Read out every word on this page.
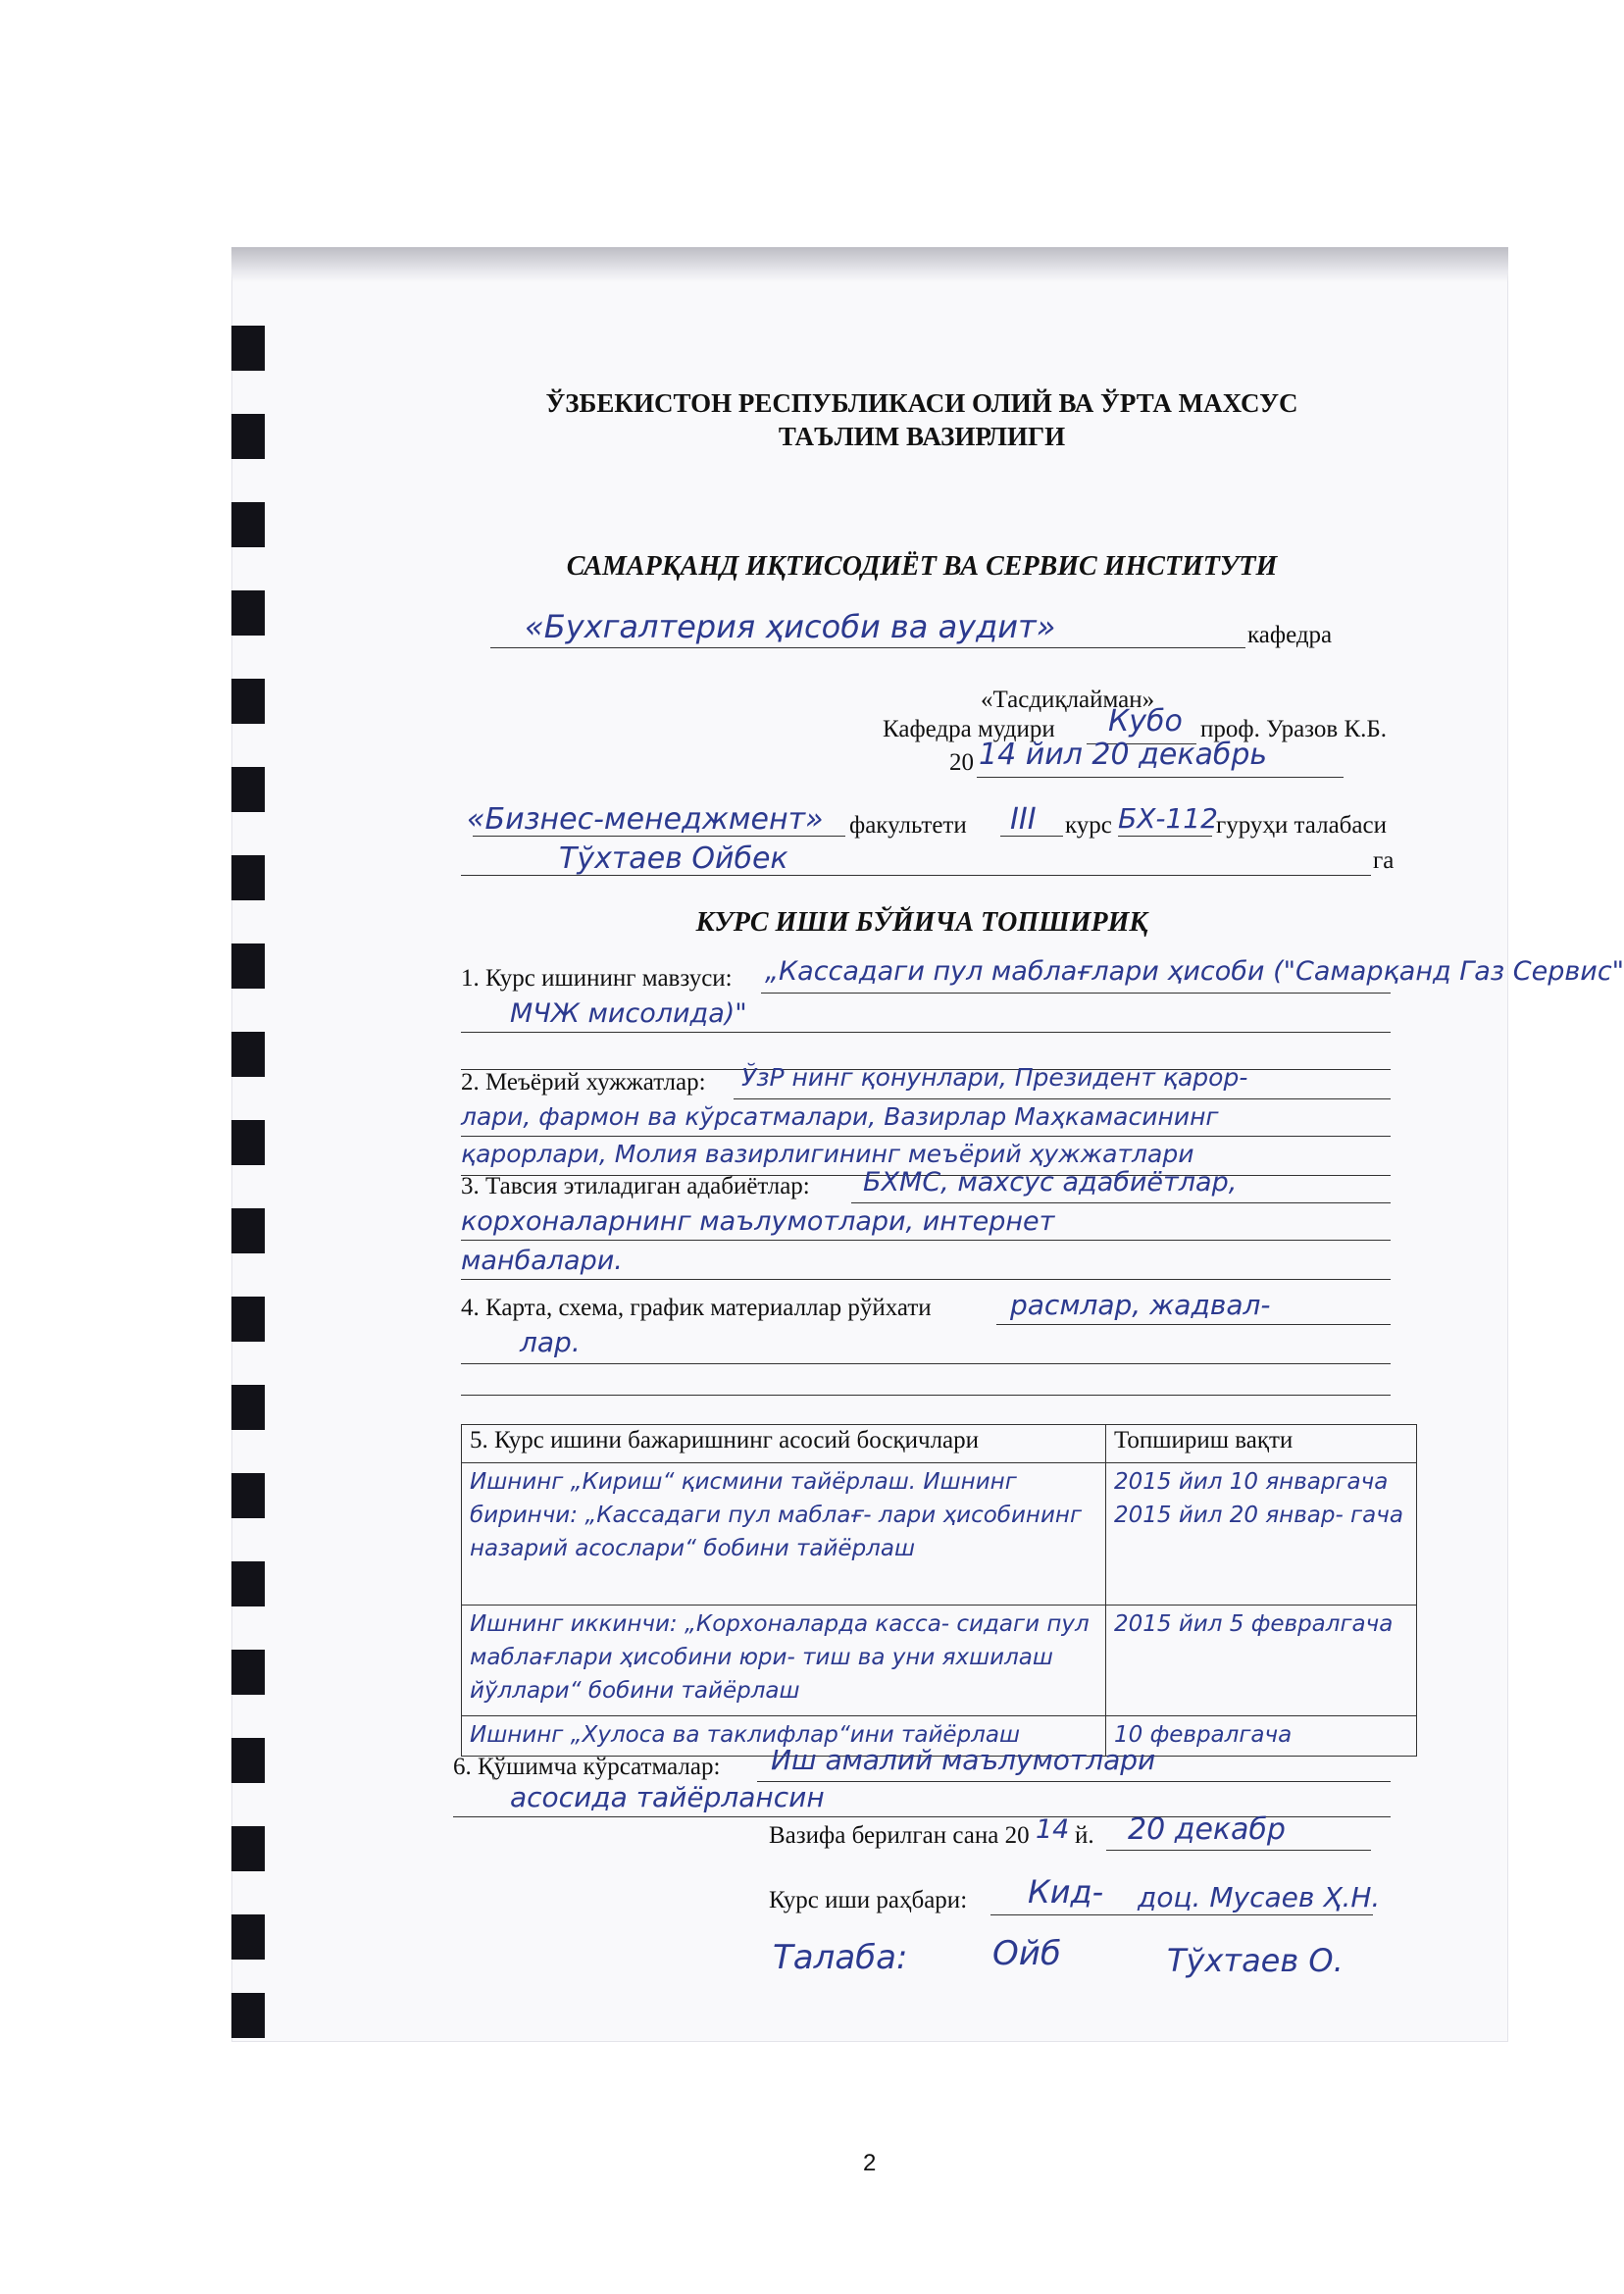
ЎЗБЕКИСТОН РЕСПУБЛИКАСИ ОЛИЙ ВА ЎРТА МАХСУС
ТАЪЛИМ ВАЗИРЛИГИ
САМАРҚАНД ИҚТИСОДИЁТ ВА СЕРВИС ИНСТИТУТИ
«Бухгалтерия ҳисоби ва аудит»	кафедра
«Тасдиқлайман»
Кафедра мудири Кубо проф. Уразов К.Б.
20 14 йил 20 декабрь
«Бизнес-менеджмент» факультети III курс БХ-112
гуруҳи талабаси
Тўхтаев Ойбек	га
КУРС ИШИ БЎЙИЧА ТОПШИРИҚ
1. Курс ишининг мавзуси: „Кассадаги пул маблағлари ҳисоби ("Самарқанд Газ Сервис"
МЧЖ мисолида)"
2. Меъёрий хужжатлар: ЎзР нинг қонунлари, Президент қарор-
лари, фармон ва кўрсатмалари, Вазирлар Маҳкамасининг
қарорлари, Молия вазирлигининг меъёрий ҳужжатлари
3. Тавсия этиладиган адабиётлар: БХМС, махсус адабиётлар,
корхоналарнинг маълумотлари, интернет
манбалари.
4. Карта, схема, график материаллар рўйхати	расмлар, жадвал-
лар.
5. Курс ишини бажаришнинг асосий босқичлари	Топшириш вақти
Ишнинг „Кириш“ қисмини тайёрлаш. Ишнинг биринчи: „Кассадаги пул маблағ- лари ҳисобининг назарий асослари“ бобини тайёрлаш	2015 йил 10 январгача 2015 йил 20 январ- гача
Ишнинг иккинчи: „Корхоналарда касса- сидаги пул маблағлари ҳисобини юри- тиш ва уни яхшилаш йўллари“ бобини тайёрлаш	2015 йил 5 февралгача
Ишнинг „Хулоса ва таклифлар“ини тайёрлаш	10 февралгача
6. Қўшимча кўрсатмалар: Иш амалий маълумотлари
асосида тайёрлансин
Вазифа берилган сана 20 14 й. 20 декабр
Курс иши раҳбари: Кид- доц. Мусаев Ҳ.Н.
Талаба:	Ойб	Тўхтаев О.
2
